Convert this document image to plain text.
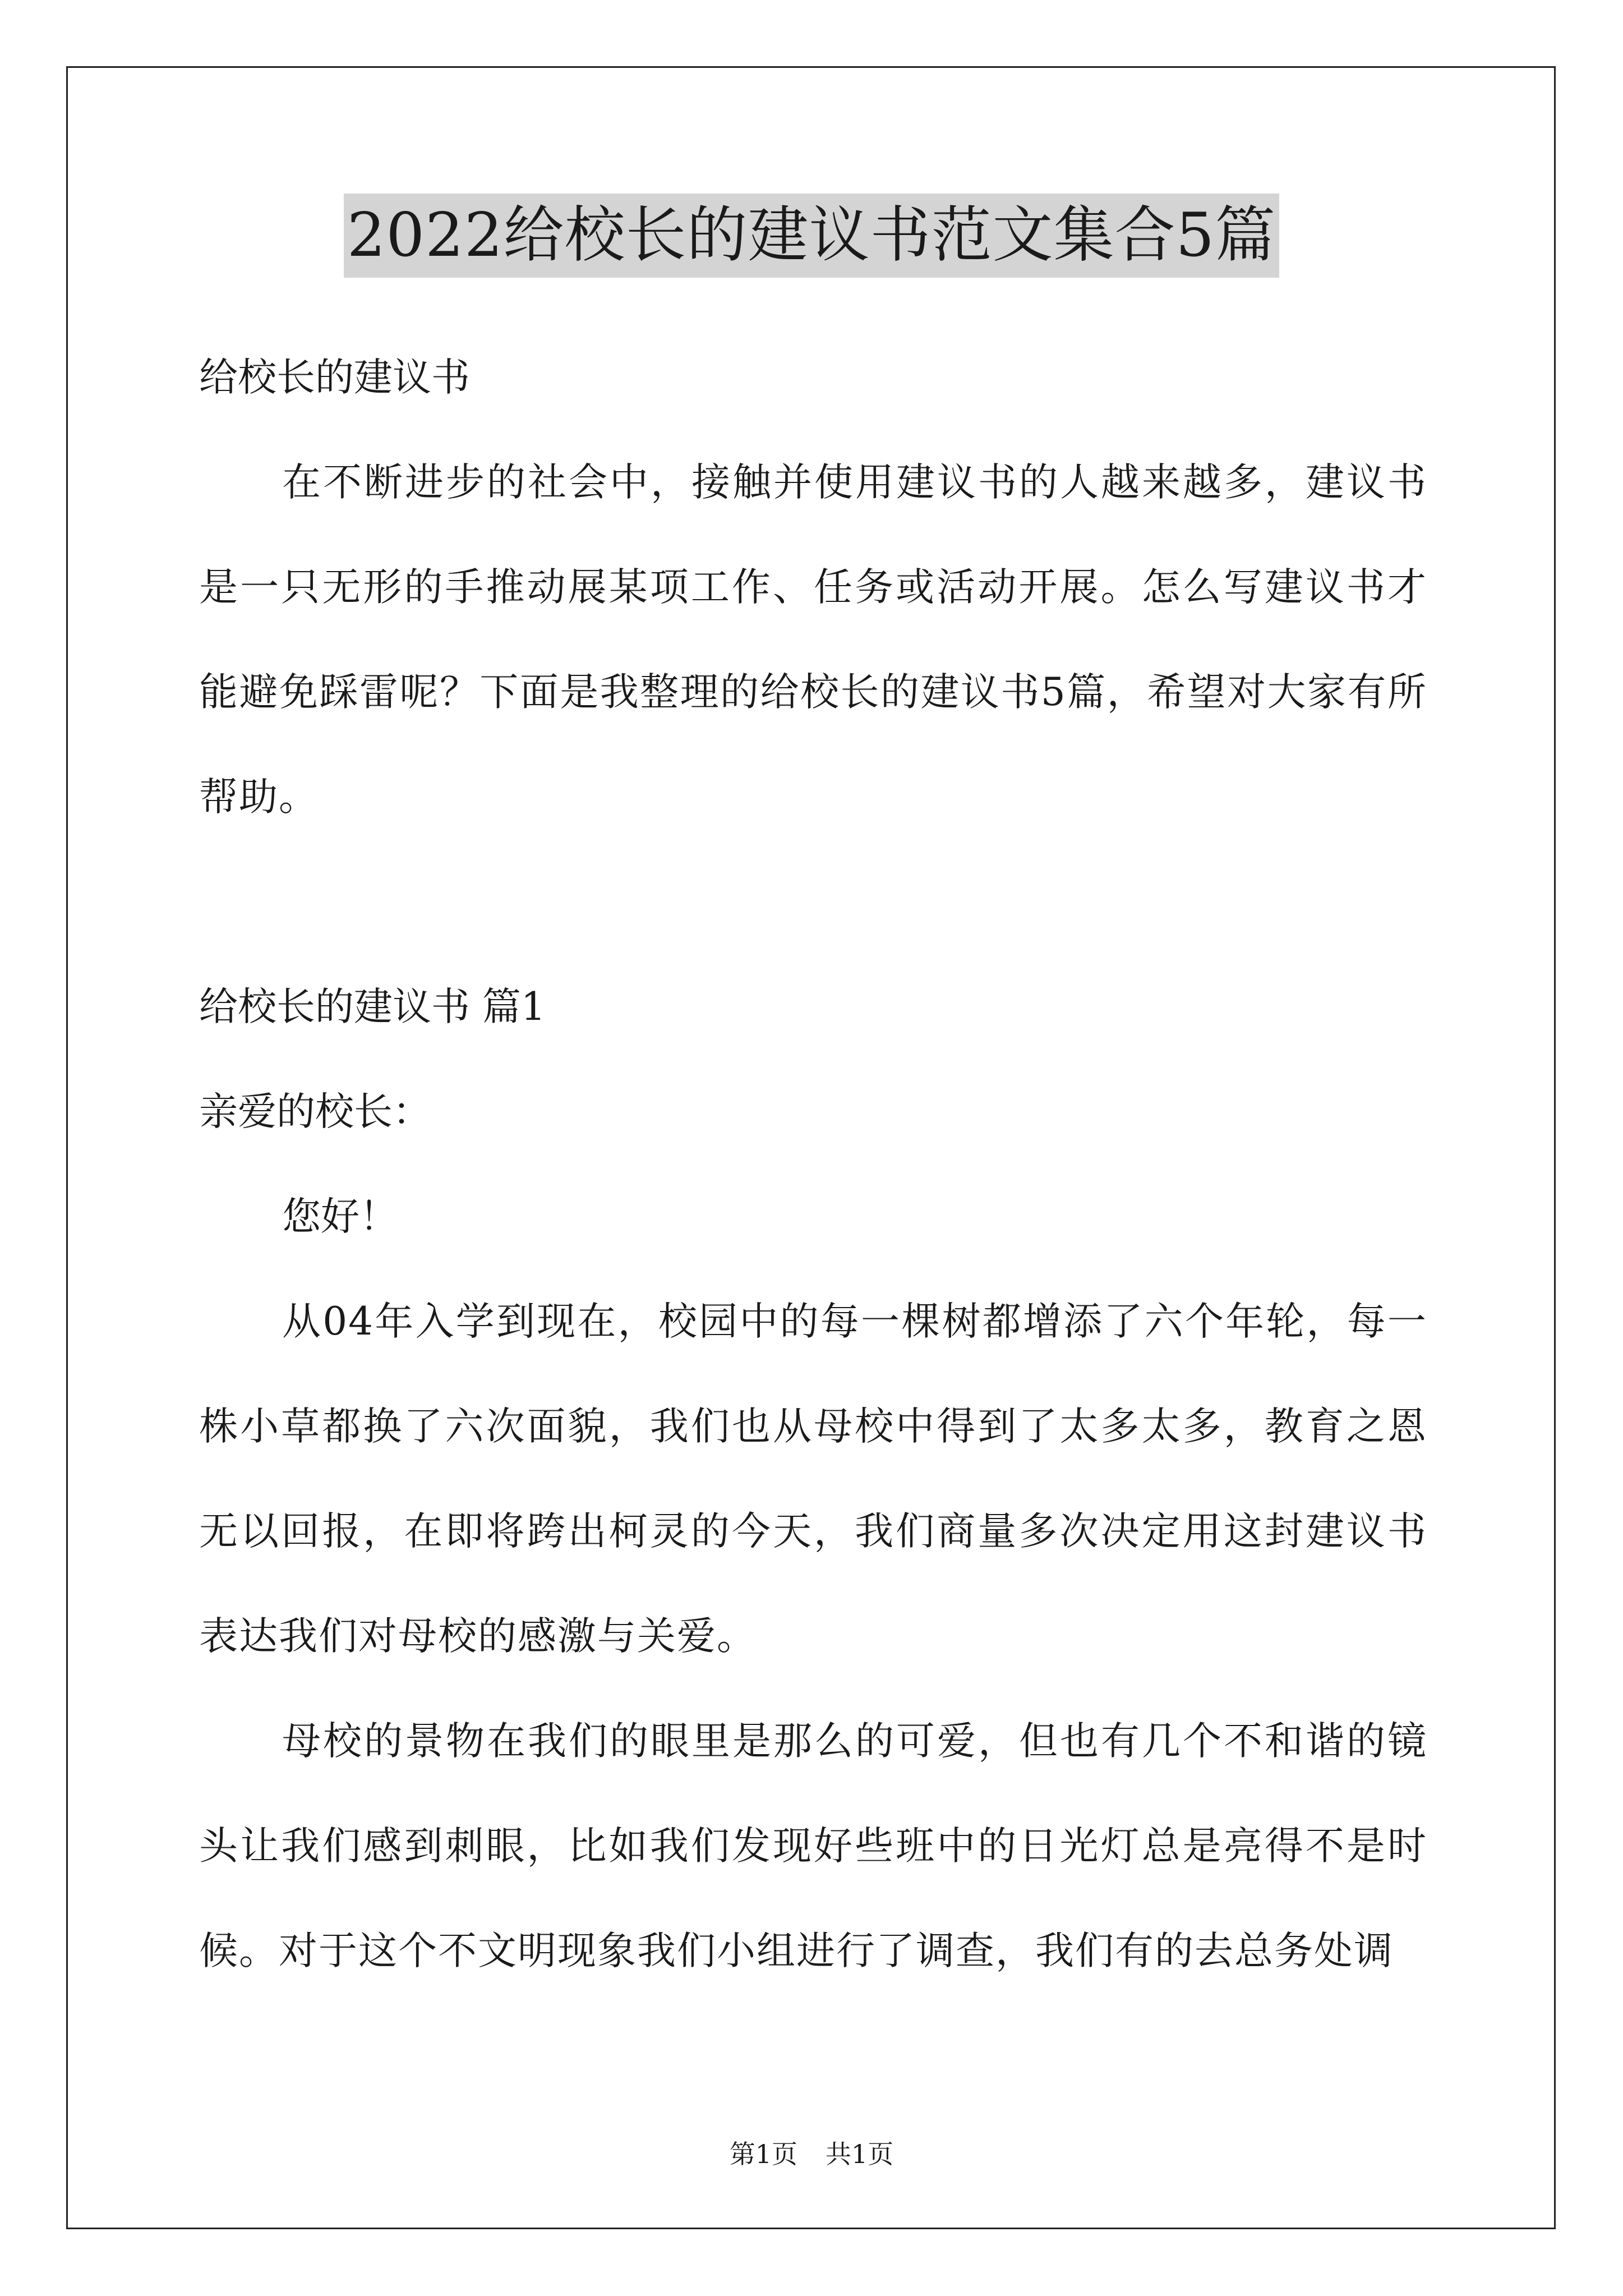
2022给校长的建议书范文集合5篇
给校长的建议书
在不断进步的社会中，接触并使用建议书的人越来越多，建议书是一只无形的手推动展某项工作、任务或活动开展。怎么写建议书才能避免踩雷呢？下面是我整理的给校长的建议书5篇，希望对大家有所帮助。
给校长的建议书 篇1
亲爱的校长：
您好！
从04年入学到现在，校园中的每一棵树都增添了六个年轮，每一株小草都换了六次面貌，我们也从母校中得到了太多太多，教育之恩无以回报，在即将跨出柯灵的今天，我们商量多次决定用这封建议书表达我们对母校的感激与关爱。
母校的景物在我们的眼里是那么的可爱，但也有几个不和谐的镜头让我们感到刺眼，比如我们发现好些班中的日光灯总是亮得不是时候。对于这个不文明现象我们小组进行了调查，我们有的去总务处调
第1页 共1页
